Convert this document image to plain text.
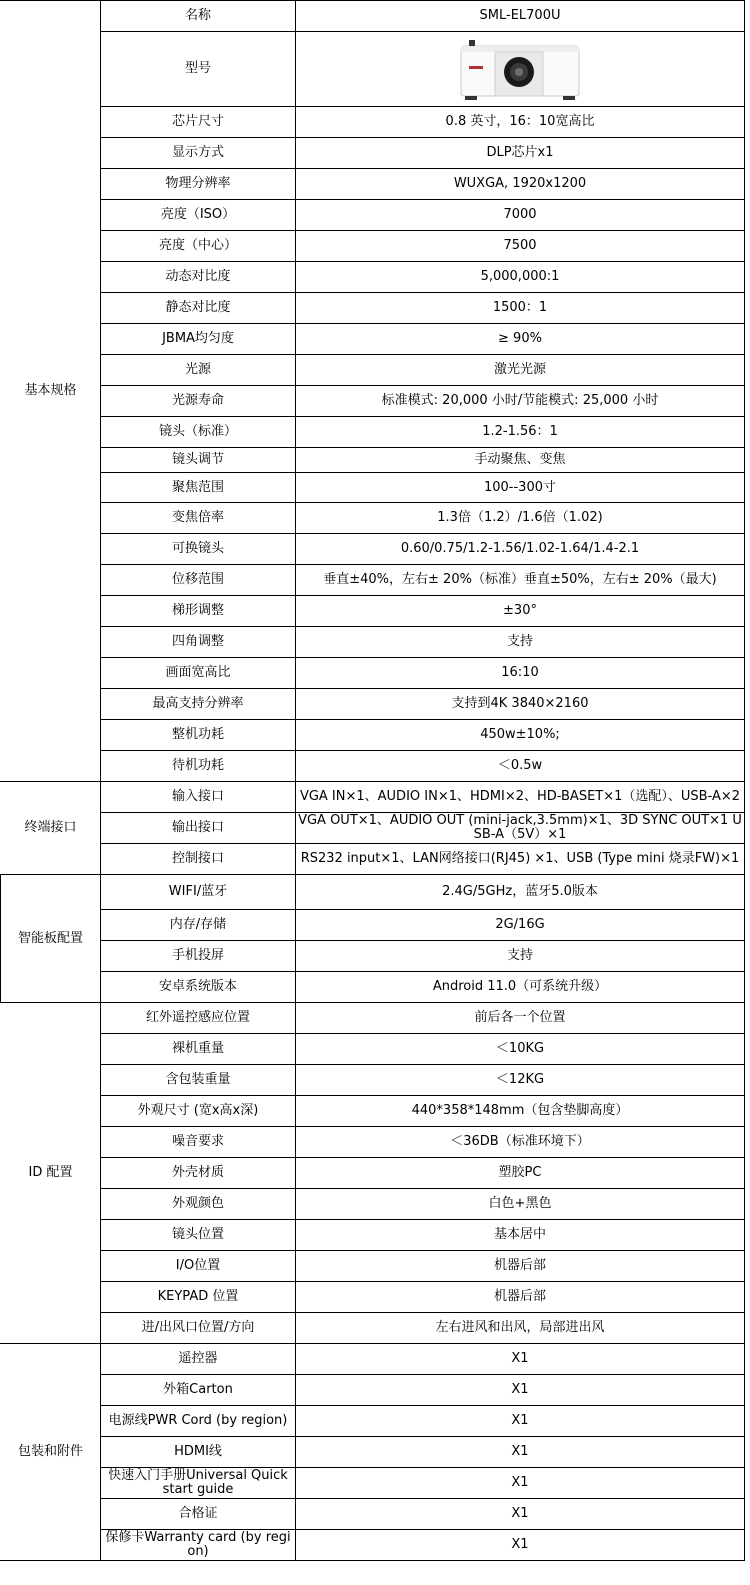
基本规格	名称	SML-EL700U
	型号	

	芯片尺寸	0.8 英寸，16：10宽高比
	显示方式	DLP芯片x1
	物理分辨率	WUXGA, 1920x1200
	亮度（ISO）	7000
	亮度（中心）	7500
	动态对比度	5,000,000:1
	静态对比度	1500：1
	JBMA均匀度	≥ 90%
	光源	激光光源
	光源寿命	标准模式: 20,000 小时/节能模式: 25,000 小时
	镜头（标准）	1.2-1.56：1
	镜头调节	手动聚焦、变焦
	聚焦范围	100--300寸
	变焦倍率	1.3倍（1.2）/1.6倍（1.02)
	可换镜头	0.60/0.75/1.2-1.56/1.02-1.64/1.4-2.1
	位移范围	垂直±40%，左右± 20%（标准）垂直±50%，左右± 20%（最大)
	梯形调整	±30°
	四角调整	支持
	画面宽高比	16:10
	最高支持分辨率	支持到4K 3840×2160
	整机功耗	450w±10%;
	待机功耗	＜0.5w
终端接口	输入接口	VGA IN×1、AUDIO IN×1、HDMI×2、HD-BASET×1（选配）、USB-A×2
	输出接口	VGA OUT×1、AUDIO OUT (mini-jack,3.5mm)×1、3D SYNC OUT×1 USB-A（5V）×1
	控制接口	RS232 input×1、LAN网络接口(RJ45) ×1、USB (Type mini 烧录FW)×1
智能板配置	WIFI/蓝牙	2.4G/5GHz，蓝牙5.0版本
	内存/存储	2G/16G
	手机投屏	支持
	安卓系统版本	Android 11.0（可系统升级）
ID 配置	红外遥控感应位置	前后各一个位置
	裸机重量	＜10KG
	含包装重量	＜12KG
	外观尺寸 (宽x高x深)	440*358*148mm（包含垫脚高度）
	噪音要求	＜36DB（标准环境下）
	外壳材质	塑胶PC
	外观颜色	白色+黑色
	镜头位置	基本居中
	I/O位置	机器后部
	KEYPAD 位置	机器后部
	进/出风口位置/方向	左右进风和出风，局部进出风
包装和附件	遥控器	X1
	外箱Carton	X1
	电源线PWR Cord (by region)	X1
	HDMI线	X1
	快速入门手册Universal Quick start guide	X1
	合格证	X1
	保修卡Warranty card (by region)	X1
